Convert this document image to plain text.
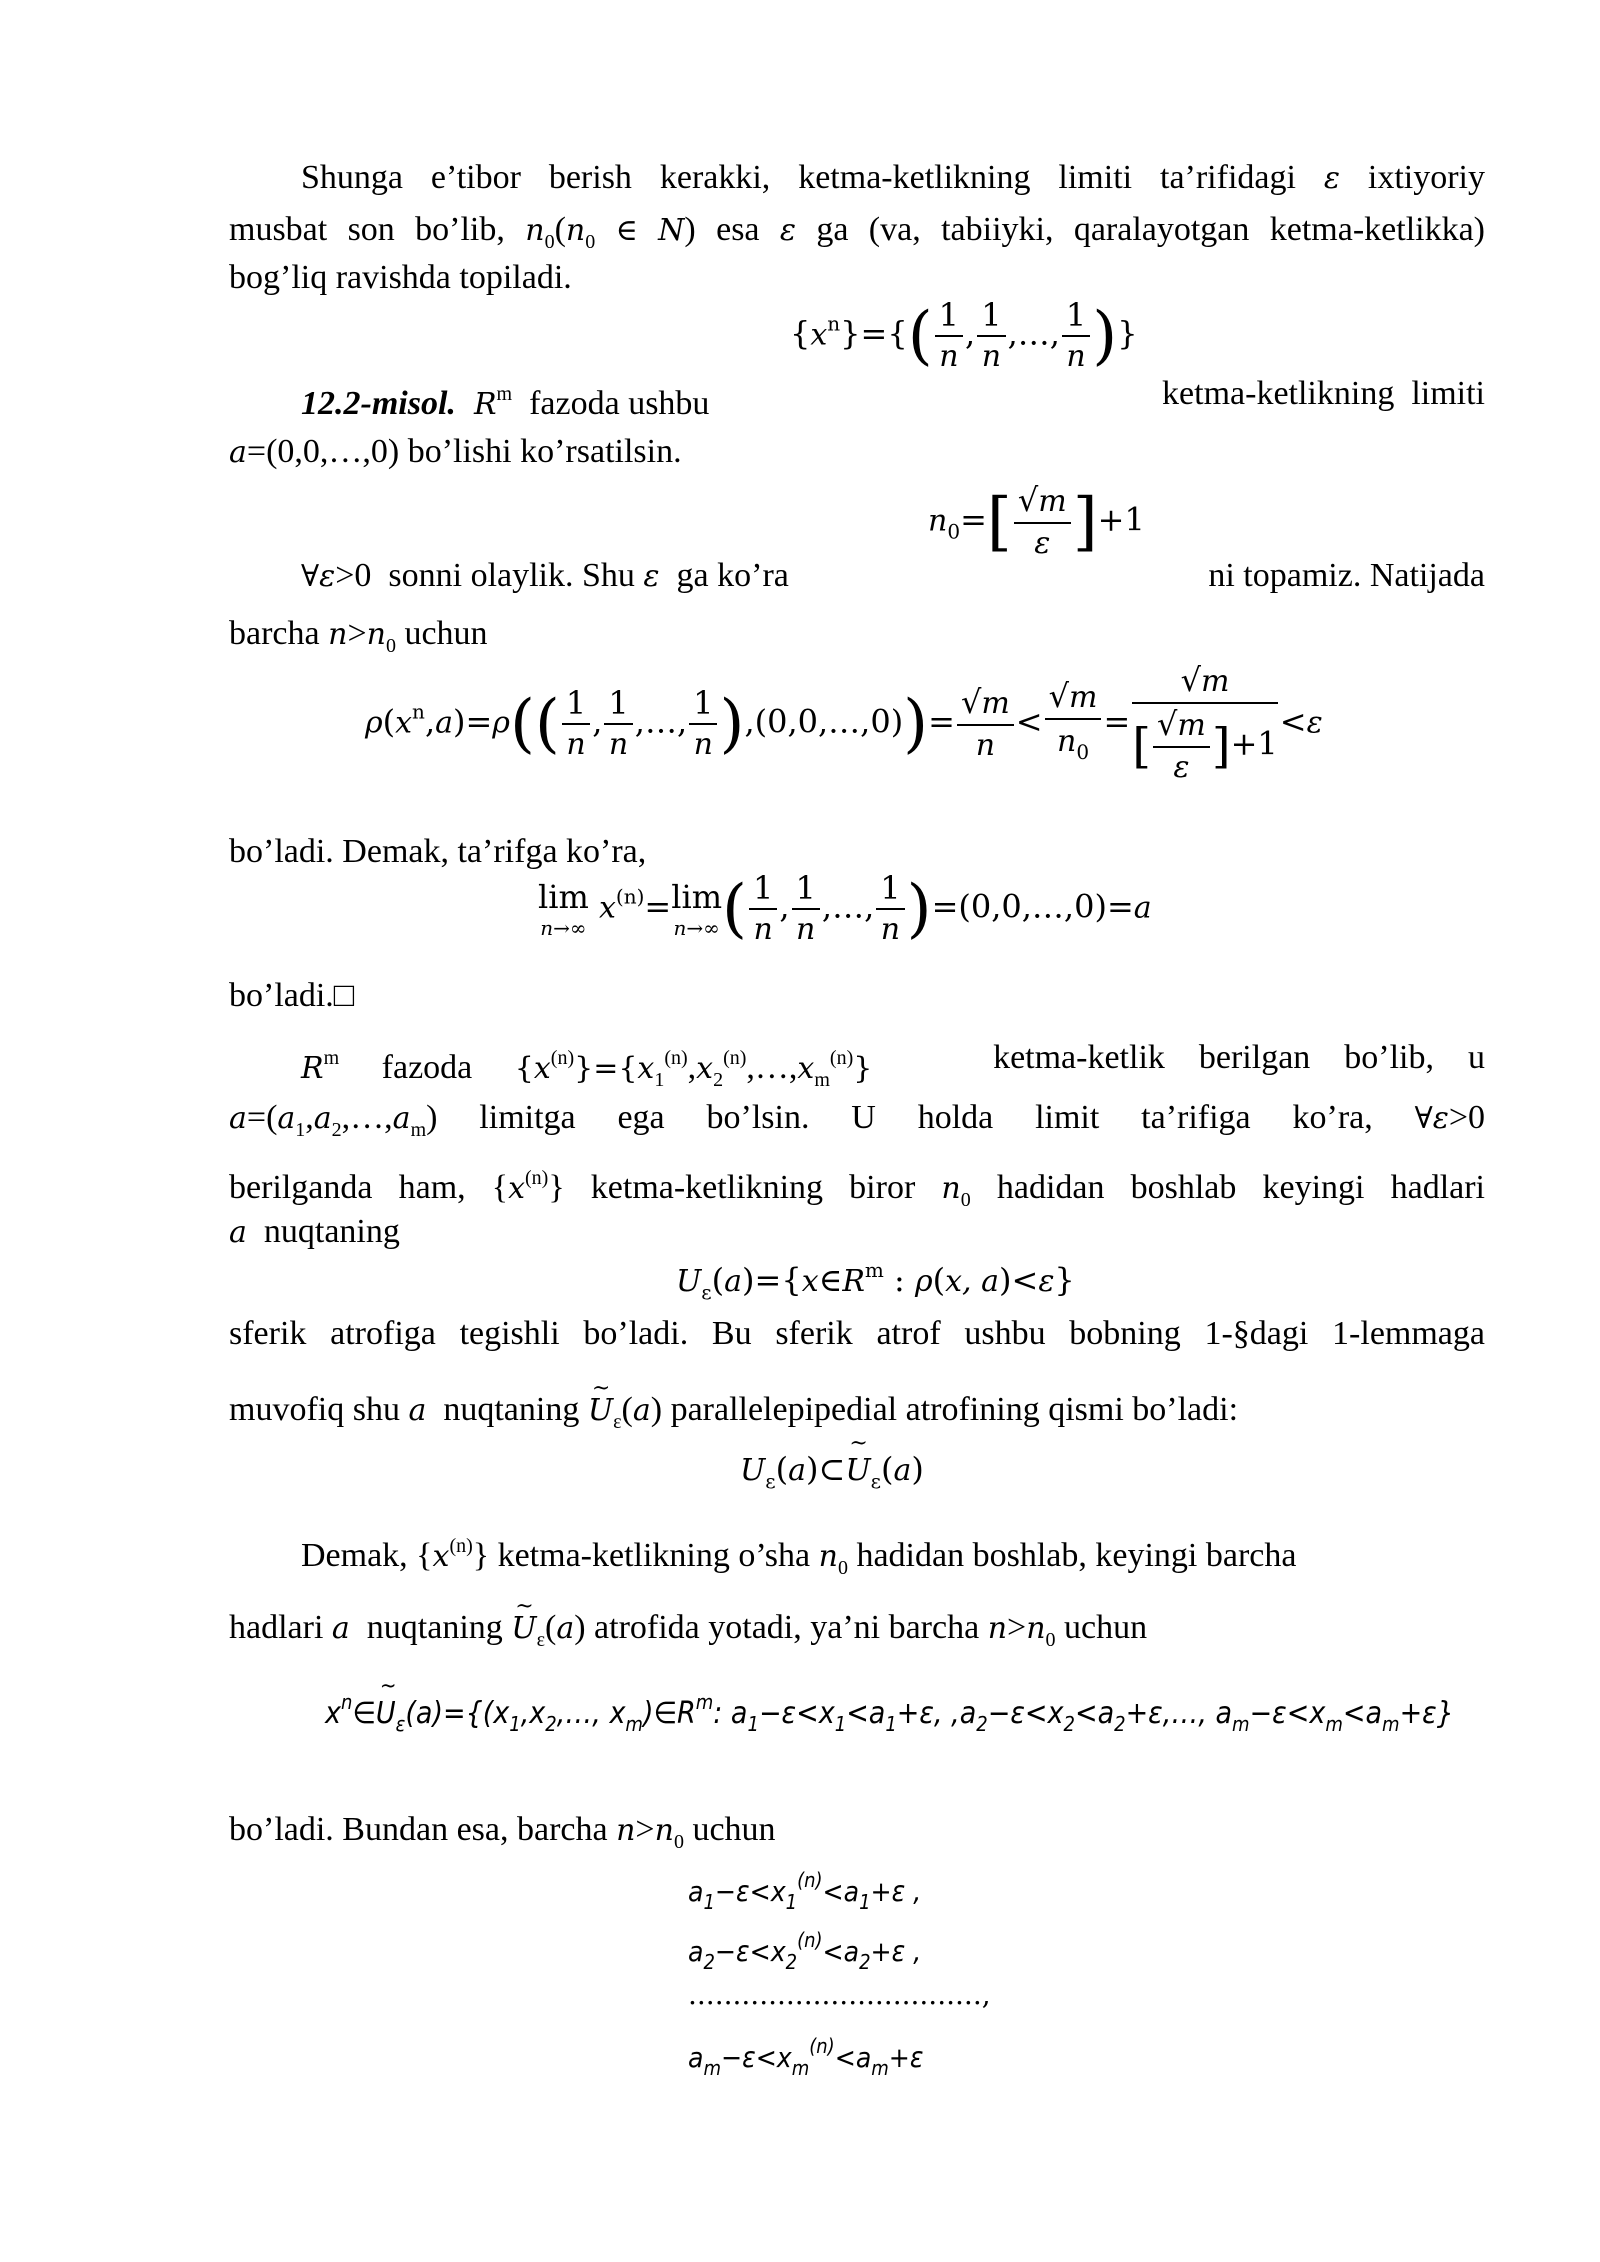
Shunga e’tibor berish kerakki, ketma-ketlikning limiti ta’rifidagi ε ixtiyoriy
musbat son bo’lib, $n_0(n_0$ ∈ N) esa ε ga (va, tabiiyki, qaralayotgan ketma-ketlikka)
bog’liq ravishda topiladi.
$\{x^n\}=\{( \frac{1}{n}$ , $\frac{1}{n}$ ,…, $\frac{1}{n}$ )}
12.2-misol.  $R^m$  fazoda ushbu	ketma-ketlikning  limiti
a=(0,0,…,0) bo’lishi ko’rsatilsin.
$n_0=[ \frac{√m}{\varepsilon} ]+1$
∀ε>0  sonni olaylik. Shu ε  ga ko’ra	ni topamiz. Natijada
barcha $n>n_0$ uchun
$\rho(x^n,a)=\rho(( \frac{1}{n}$ , $\frac{1}{n}$ ,…, $\frac{1}{n}$ ),(0,0,…,0))= $\frac{√m}{n} < \frac{√m}{n_0} = \frac{√m}{[ \frac{√m}{\varepsilon} ]+1} <\varepsilon$
bo’ladi. Demak, ta’rifga ko’ra,
lim
n→∞
$x^{(n)}= \lim$
n→∞ ( $\frac{1}{n}$ , $\frac{1}{n}$ ,…, $\frac{1}{n}$ )=(0,0,…,0)=a
bo’ladi.□
$R^m$     fazoda     $\{x^{(n)}\}=\{x_1^{(n)},x_2^{(n)},\dots,x_m^{(n)}\}$	ketma-ketlik    berilgan    bo’lib,    u
$a=(a_1,a_2,\dots,a_m)$ limitga ega bo’lsin. U holda limit ta’rifiga ko’ra, ∀ε>0
berilganda ham, $\{x^{(n)}\}$ ketma-ketlikning biror $n_0$ hadidan boshlab keyingi hadlari
a  nuqtaning
$U_\varepsilon(a)=\{x\in R^m$ : ρ(x, a)<ε}
sferik atrofiga tegishli bo’ladi. Bu sferik atrof ushbu bobning 1-§dagi 1-lemmaga
muvofiq shu a  nuqtaning ~ $U_\varepsilon(a)$ parallelepipedial atrofining qismi bo’ladi:
$U_\varepsilon(a)\subset\sim$ $U_\varepsilon(a)$
Demak, $\{x^{(n)}\}$ ketma-ketlikning o’sha $n_0$ hadidan boshlab, keyingi barcha
hadlari a  nuqtaning ~ $U_\varepsilon(a)$ atrofida yotadi, ya’ni barcha $n>n_0$ uchun
$x^n\in\sim$ $U_\varepsilon(a)=\{(x_1,x_2,\dots$, $x_m)\in R^m$: $a_1-\varepsilon<x_1<a_1+\varepsilon$, $,a_2-\varepsilon<x_2<a_2+\varepsilon,\dots$, $a_m-\varepsilon<x_m<a_m+\varepsilon$}
bo’ladi. Bundan esa, barcha $n>n_0$ uchun
$a_1-\varepsilon<x_1^{(n)}<a_1+\varepsilon$ ,
$a_2-\varepsilon<x_2^{(n)}<a_2+\varepsilon$ ,
.................................,
$a_m-\varepsilon<x_m^{(n)}<a_m+\varepsilon$
